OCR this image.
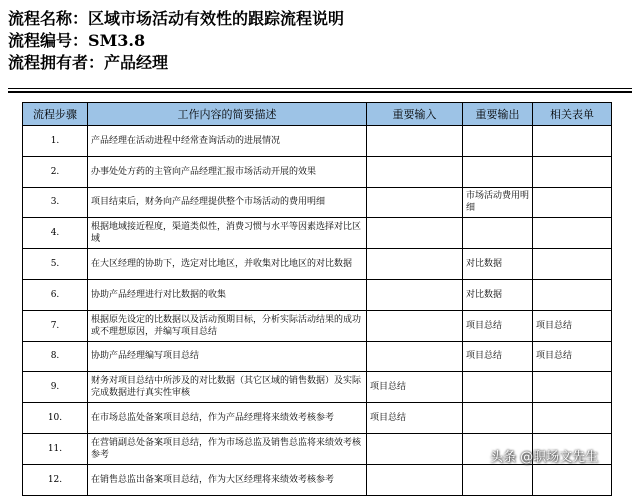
流程名称：区域市场活动有效性的跟踪流程说明
流程编号：SM3.8
流程拥有者：产品经理
流程步骤	工作内容的简要描述	重要输入	重要输出	相关表单
1.	产品经理在活动进程中经常查询活动的进展情况			
2.	办事处处方药的主管向产品经理汇报市场活动开展的效果			
3.	项目结束后，财务向产品经理提供整个市场活动的费用明细		市场活动费用明细	
4.	根据地域接近程度，渠道类似性，消费习惯与水平等因素选择对比区域			
5.	在大区经理的协助下，选定对比地区，并收集对比地区的对比数据		对比数据	
6.	协助产品经理进行对比数据的收集		对比数据	
7.	根据原先设定的比数据以及活动预期目标，分析实际活动结果的成功或不理想原因，并编写项目总结		项目总结	项目总结
8.	协助产品经理编写项目总结		项目总结	项目总结
9.	财务对项目总结中所涉及的对比数据（其它区域的销售数据）及实际完成数据进行真实性审核	项目总结		
10.	在市场总监处备案项目总结，作为产品经理将来绩效考核参考	项目总结		
11.	在营销副总处备案项目总结，作为市场总监及销售总监将来绩效考核参考			
12.	在销售总监出备案项目总结，作为大区经理将来绩效考核参考			
头条 @职场文先生
